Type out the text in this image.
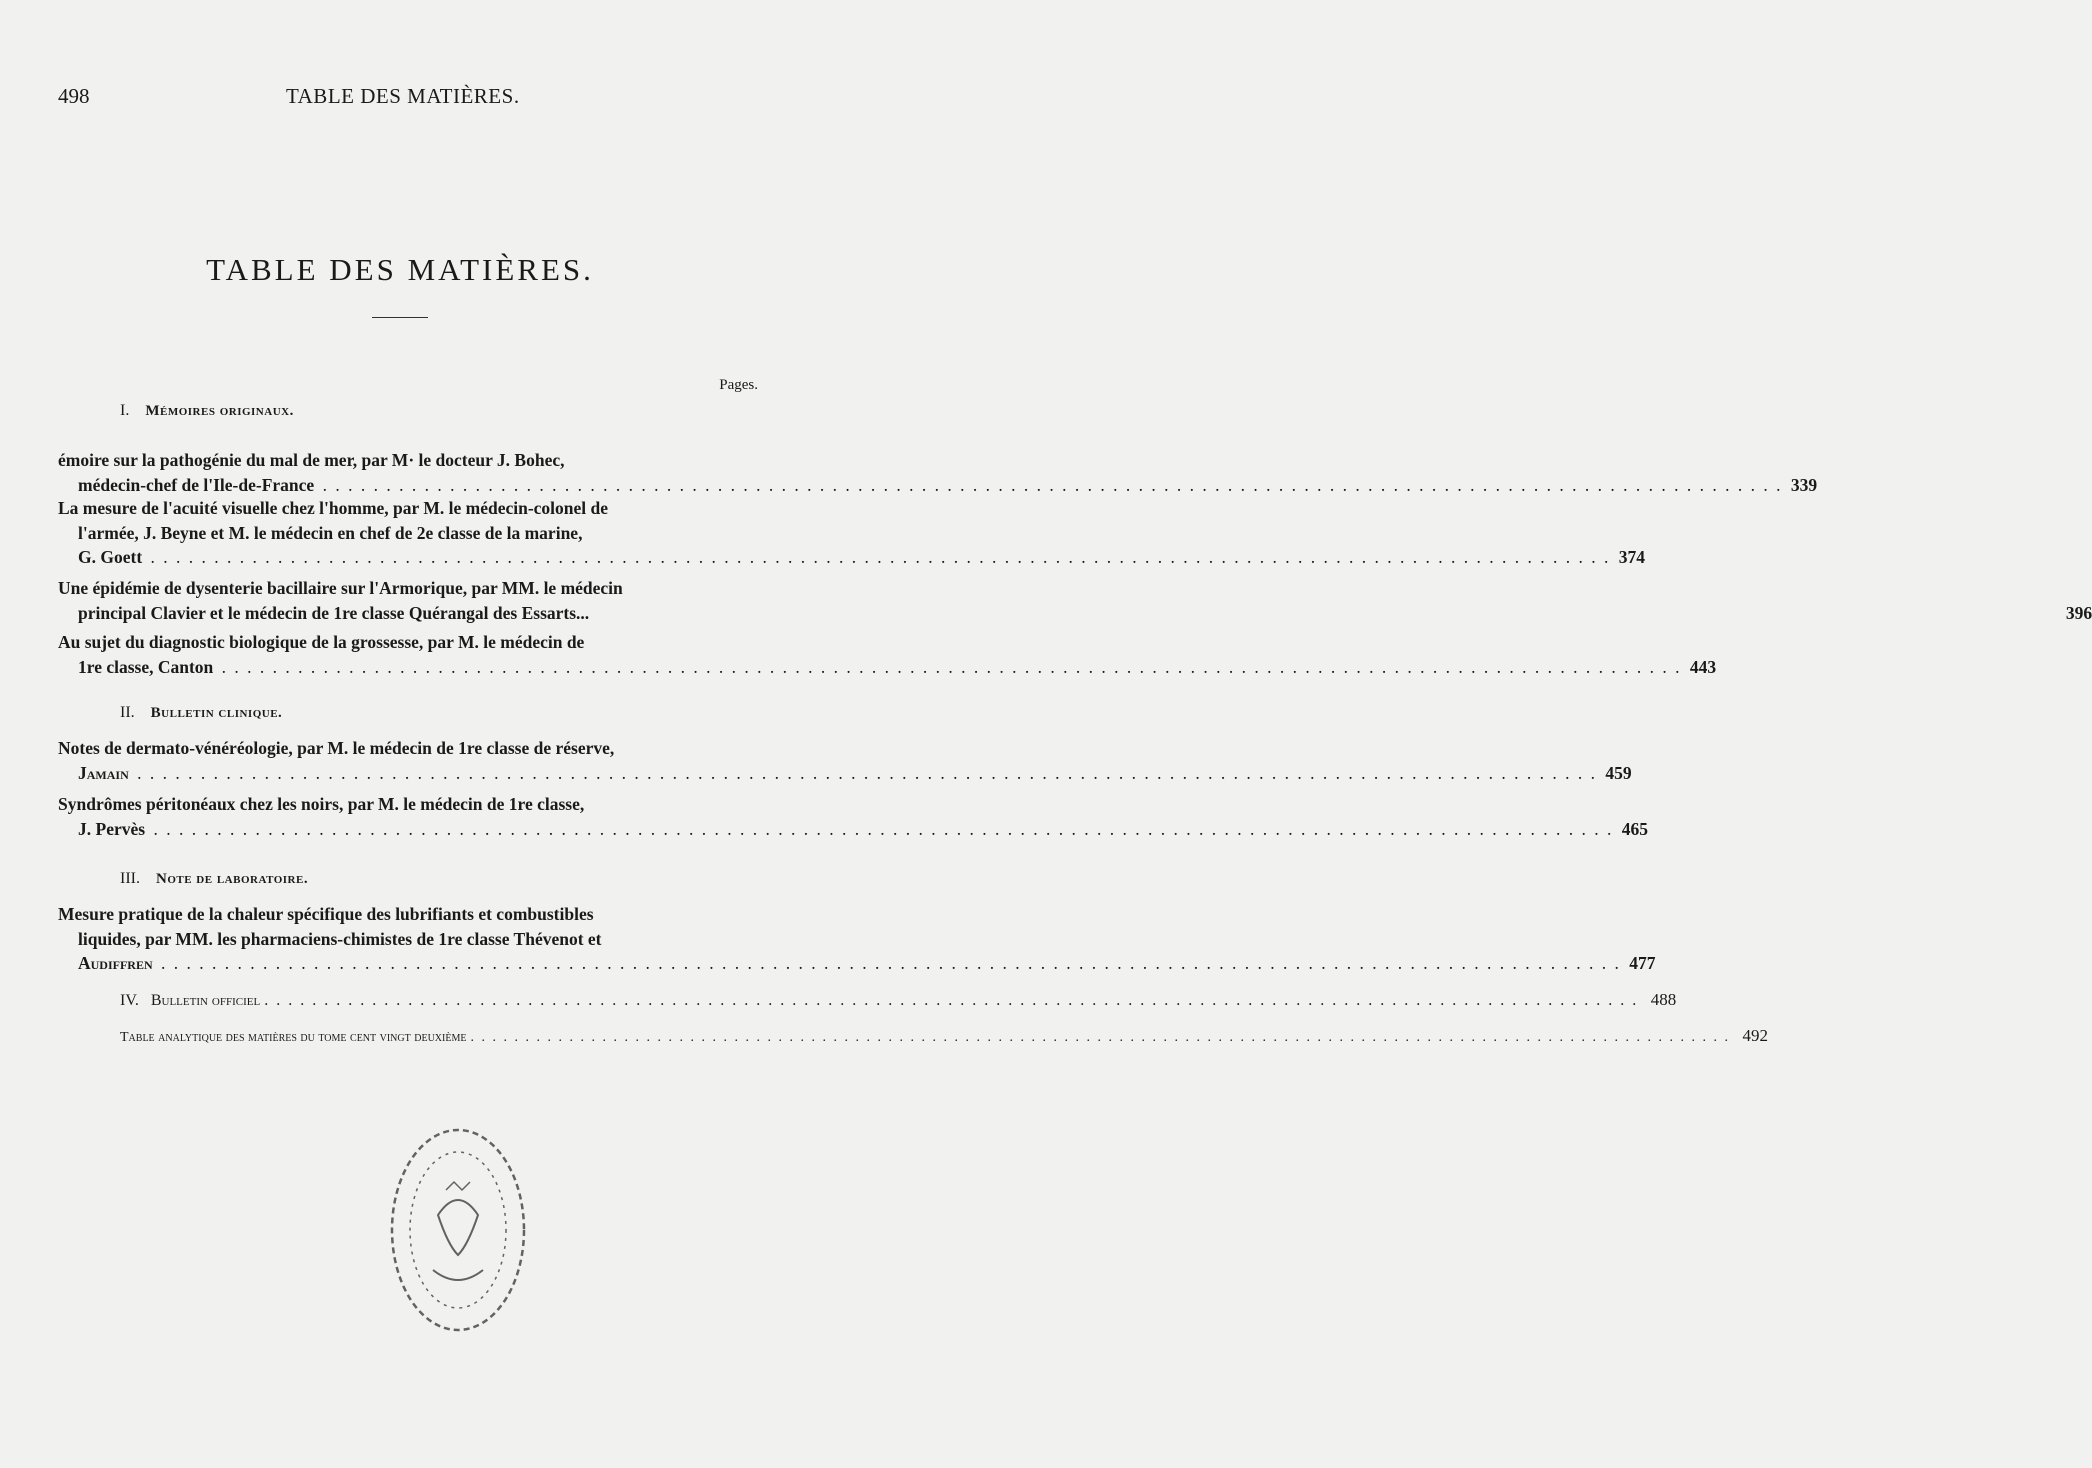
498	TABLE DES MATIÈRES.
TABLE DES MATIÈRES.
Pages.
I. Mémoires originaux.
émoire sur la pathogénie du mal de mer, par M· le docteur J. Bohec,
médecin-chef de l'Ile-de-France . . .	339
La mesure de l'acuité visuelle chez l'homme, par M. le médecin-colonel de
l'armée, J. Beyne et M. le médecin en chef de 2e classe de la marine,
G. Goett . . .	374
Une épidémie de dysenterie bacillaire sur l'Armorique, par MM. le médecin
principal Clavier et le médecin de 1re classe Quérangal des Essarts...	396
Au sujet du diagnostic biologique de la grossesse, par M. le médecin de
1re classe, Canton . . .	443
II. Bulletin clinique.
Notes de dermato-vénéréologie, par M. le médecin de 1re classe de réserve,
Jamain . . .	459
Syndrômes péritonéaux chez les noirs, par M. le médecin de 1re classe,
J. Pervès . . .	465
III. Note de laboratoire.
Mesure pratique de la chaleur spécifique des lubrifiants et combustibles
liquides, par MM. les pharmaciens-chimistes de 1re classe Thévenot et
Audiffren . . .	477
IV. Bulletin officiel . . .	488
Table analytique des matières du tome cent vingt deuxième . . .	492
